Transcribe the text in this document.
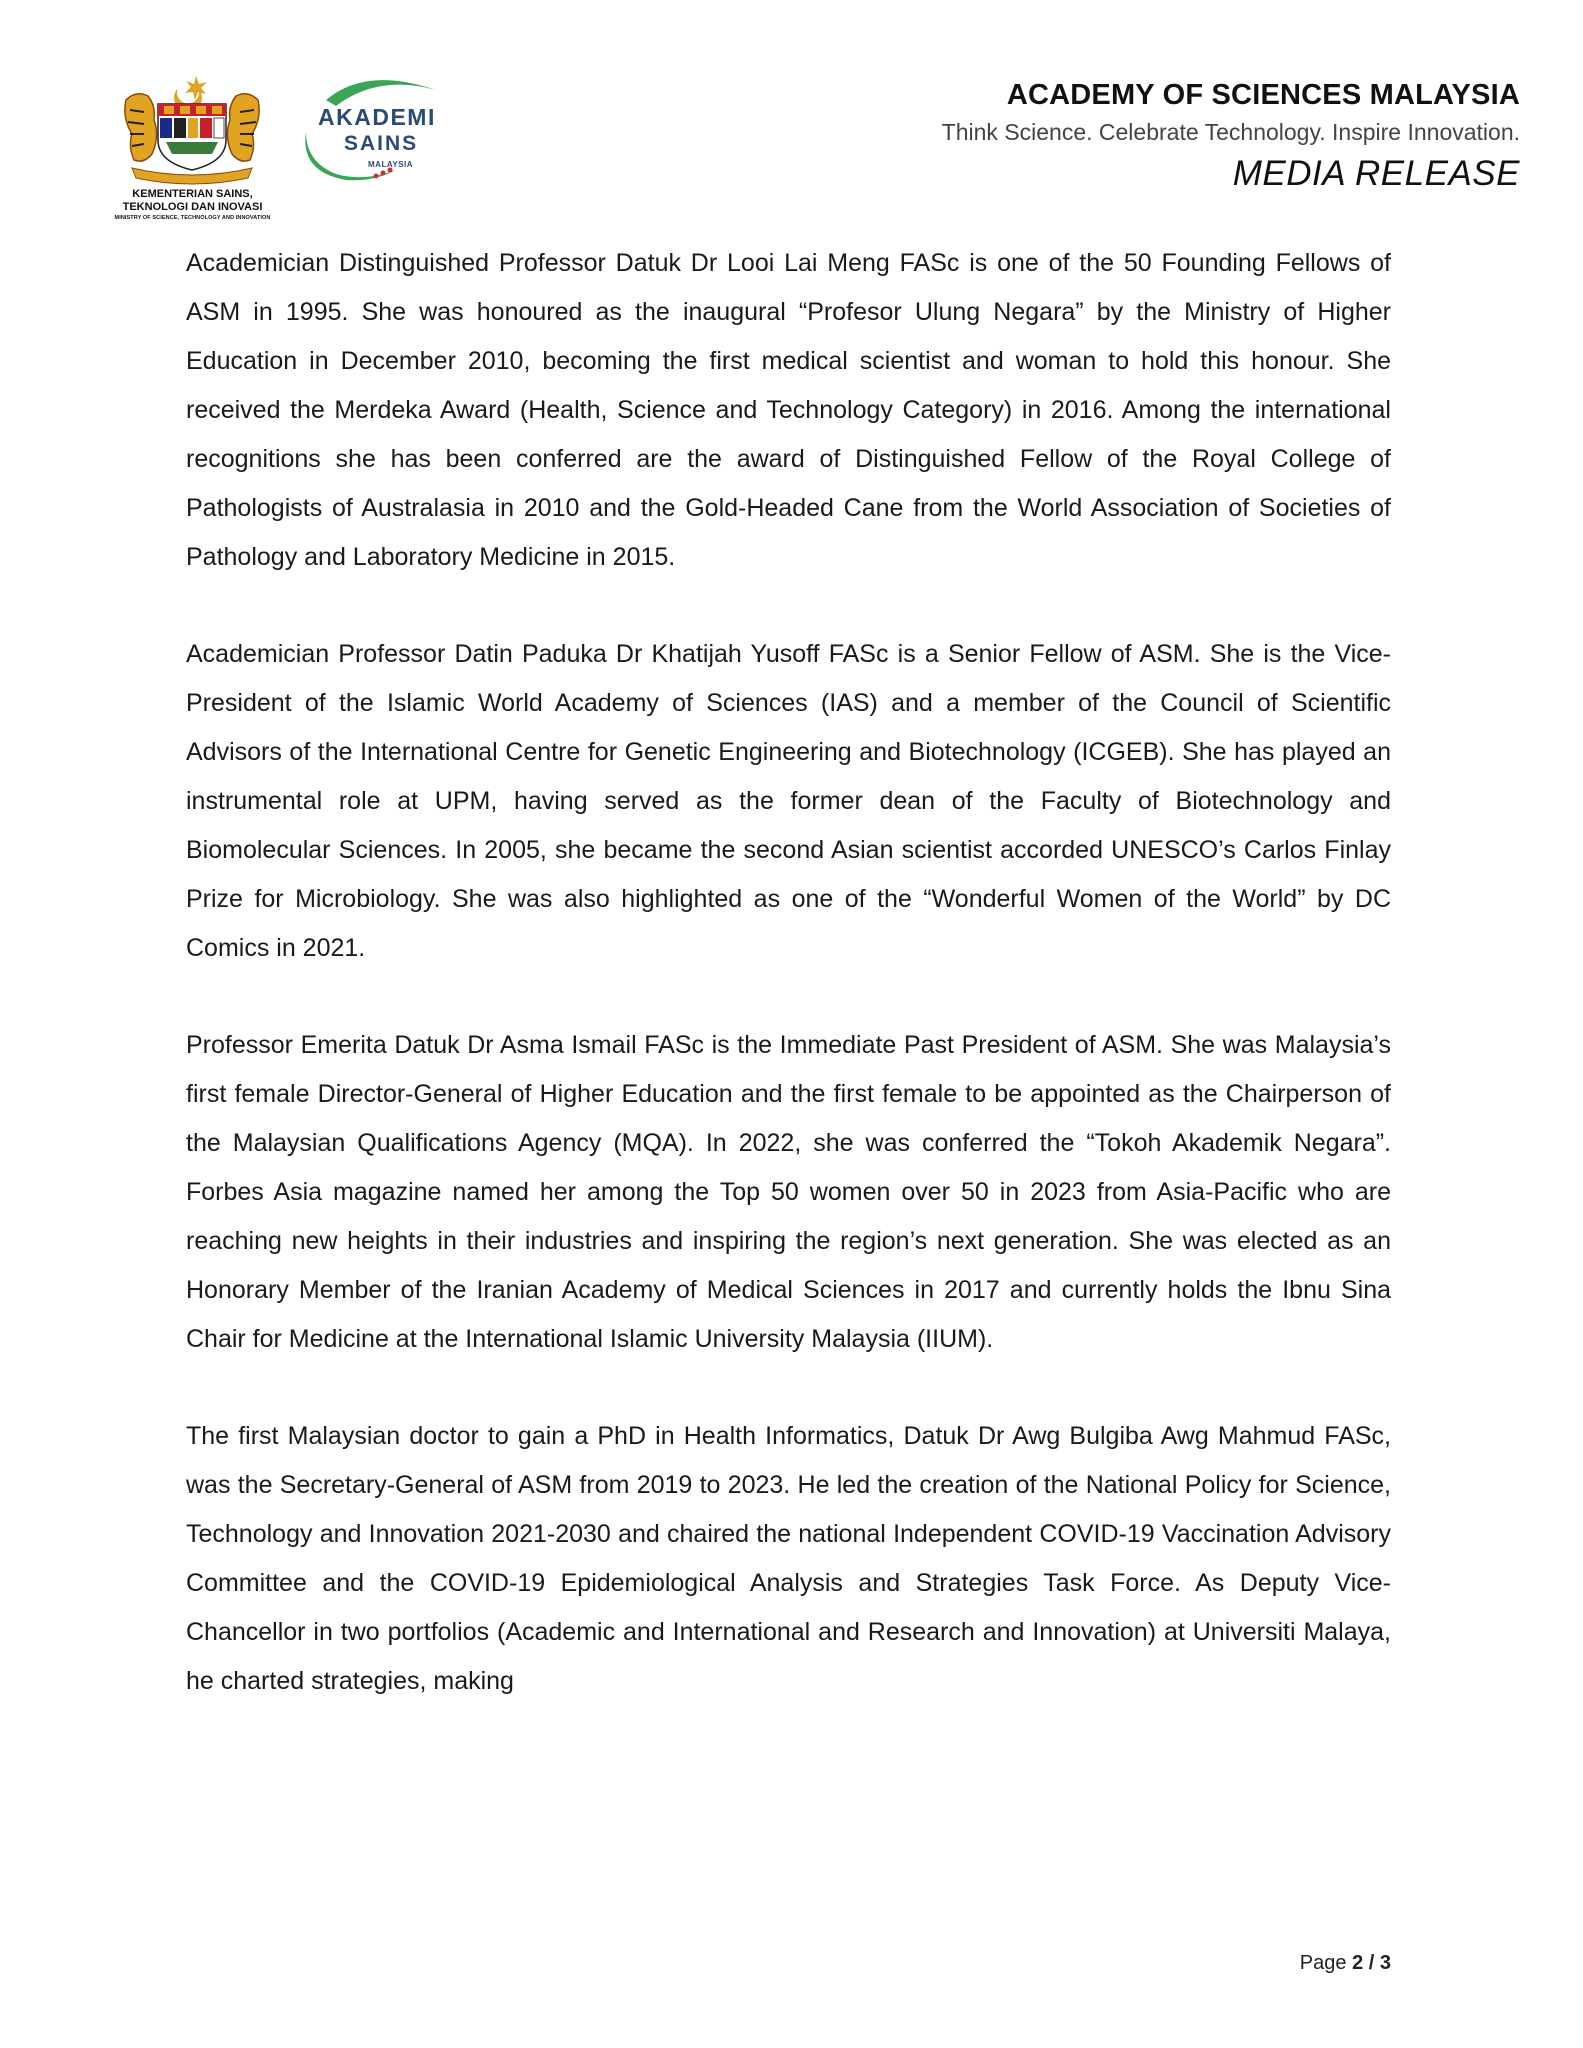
KEMENTERIAN SAINS,
TEKNOLOGI DAN INOVASI
MINISTRY OF SCIENCE, TECHNOLOGY AND INNOVATION
AKADEMI
SAINS
MALAYSIA
ACADEMY OF SCIENCES MALAYSIA
Think Science. Celebrate Technology. Inspire Innovation.
MEDIA RELEASE

Academician Distinguished Professor Datuk Dr Looi Lai Meng FASc is one of the 50 Founding Fellows of ASM in 1995. She was honoured as the inaugural “Profesor Ulung Negara” by the Ministry of Higher Education in December 2010, becoming the first medical scientist and woman to hold this honour. She received the Merdeka Award (Health, Science and Technology Category) in 2016. Among the international recognitions she has been conferred are the award of Distinguished Fellow of the Royal College of Pathologists of Australasia in 2010 and the Gold-Headed Cane from the World Association of Societies of Pathology and Laboratory Medicine in 2015.

Academician Professor Datin Paduka Dr Khatijah Yusoff FASc is a Senior Fellow of ASM. She is the Vice-President of the Islamic World Academy of Sciences (IAS) and a member of the Council of Scientific Advisors of the International Centre for Genetic Engineering and Biotechnology (ICGEB). She has played an instrumental role at UPM, having served as the former dean of the Faculty of Biotechnology and Biomolecular Sciences. In 2005, she became the second Asian scientist accorded UNESCO’s Carlos Finlay Prize for Microbiology. She was also highlighted as one of the “Wonderful Women of the World” by DC Comics in 2021.

Professor Emerita Datuk Dr Asma Ismail FASc is the Immediate Past President of ASM. She was Malaysia’s first female Director-General of Higher Education and the first female to be appointed as the Chairperson of the Malaysian Qualifications Agency (MQA). In 2022, she was conferred the “Tokoh Akademik Negara”. Forbes Asia magazine named her among the Top 50 women over 50 in 2023 from Asia-Pacific who are reaching new heights in their industries and inspiring the region’s next generation. She was elected as an Honorary Member of the Iranian Academy of Medical Sciences in 2017 and currently holds the Ibnu Sina Chair for Medicine at the International Islamic University Malaysia (IIUM).

The first Malaysian doctor to gain a PhD in Health Informatics, Datuk Dr Awg Bulgiba Awg Mahmud FASc, was the Secretary-General of ASM from 2019 to 2023. He led the creation of the National Policy for Science, Technology and Innovation 2021-2030 and chaired the national Independent COVID-19 Vaccination Advisory Committee and the COVID-19 Epidemiological Analysis and Strategies Task Force. As Deputy Vice-Chancellor in two portfolios (Academic and International and Research and Innovation) at Universiti Malaya, he charted strategies, making

Page 2 / 3
